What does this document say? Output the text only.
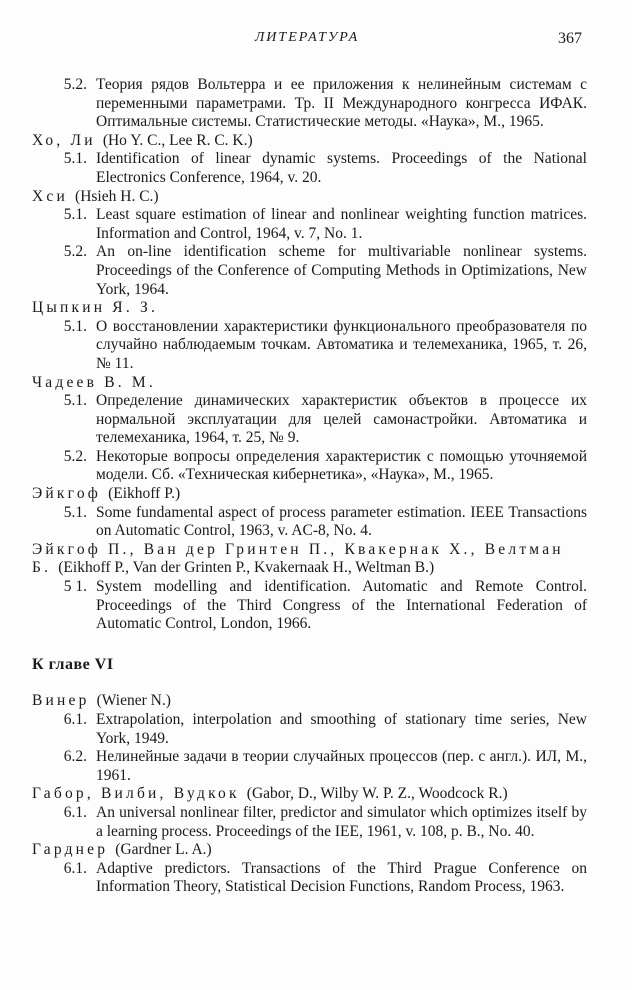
ЛИТЕРАТУРА	367
5.2. Теория рядов Вольтерра и ее приложения к нелинейным системам с переменными параметрами. Тр. II Международного конгресса ИФАК. Оптимальные системы. Статистические методы. «Наука», М., 1965.
Хо, Ли (Ho Y. C., Lee R. C. K.)
5.1. Identification of linear dynamic systems. Proceedings of the National Electronics Conference, 1964, v. 20.
Хси (Hsieh H. C.)
5.1. Least square estimation of linear and nonlinear weighting function matrices. Information and Control, 1964, v. 7, No. 1.
5.2. An on-line identification scheme for multivariable nonlinear systems. Proceedings of the Conference of Computing Methods in Optimizations, New York, 1964.
Цыпкин Я. З.
5.1. О восстановлении характеристики функционального преобразователя по случайно наблюдаемым точкам. Автоматика и телемеханика, 1965, т. 26, № 11.
Чадеев В. М.
5.1. Определение динамических характеристик объектов в процессе их нормальной эксплуатации для целей самонастройки. Автоматика и телемеханика, 1964, т. 25, № 9.
5.2. Некоторые вопросы определения характеристик с помощью уточняемой модели. Сб. «Техническая кибернетика», «Наука», М., 1965.
Эйкгоф (Eikhoff P.)
5.1. Some fundamental aspect of process parameter estimation. IEEE Transactions on Automatic Control, 1963, v. AC-8, No. 4.
Эйкгоф П., Ван дер Гринтен П., Квакернак Х., Велтман Б. (Eikhoff P., Van der Grinten P., Kvakernaak H., Weltman B.)
5 1. System modelling and identification. Automatic and Remote Control. Proceedings of the Third Congress of the International Federation of Automatic Control, London, 1966.
К главе VI
Винер (Wiener N.)
6.1. Extrapolation, interpolation and smoothing of stationary time series, New York, 1949.
6.2. Нелинейные задачи в теории случайных процессов (пер. с англ.). ИЛ, М., 1961.
Габор, Вилби, Вудкок (Gabor, D., Wilby W. P. Z., Woodcock R.)
6.1. An universal nonlinear filter, predictor and simulator which optimizes itself by a learning process. Proceedings of the IEE, 1961, v. 108, p. B., No. 40.
Гарднер (Gardner L. A.)
6.1. Adaptive predictors. Transactions of the Third Prague Conference on Information Theory, Statistical Decision Functions, Random Process, 1963.
